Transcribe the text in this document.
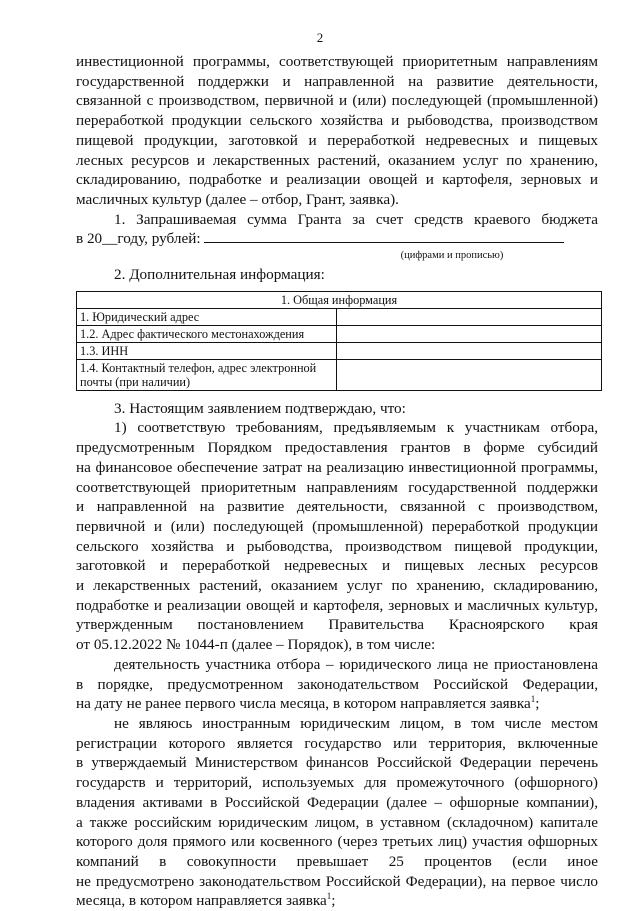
2
инвестиционной программы, соответствующей приоритетным направлениям
государственной поддержки и направленной на развитие деятельности,
связанной с производством, первичной и (или) последующей (промышленной)
переработкой продукции сельского хозяйства и рыбоводства, производством
пищевой продукции, заготовкой и переработкой недревесных и пищевых
лесных ресурсов и лекарственных растений, оказанием услуг по хранению,
складированию, подработке и реализации овощей и картофеля, зерновых и
масличных культур (далее – отбор, Грант, заявка).
1. Запрашиваемая сумма Гранта за счет средств краевого бюджета
в 20__году, рублей:
(цифрами и прописью)
2. Дополнительная информация:
1. Общая информация	
1. Юридический адрес	
1.2. Адрес фактического местонахождения	
1.3. ИНН	
1.4. Контактный телефон, адрес электронной почты (при наличии)	
3. Настоящим заявлением подтверждаю, что:
1) соответствую требованиям, предъявляемым к участникам отбора,
предусмотренным Порядком предоставления грантов в форме субсидий
на финансовое обеспечение затрат на реализацию инвестиционной программы,
соответствующей приоритетным направлениям государственной поддержки
и направленной на развитие деятельности, связанной с производством,
первичной и (или) последующей (промышленной) переработкой продукции
сельского хозяйства и рыбоводства, производством пищевой продукции,
заготовкой и переработкой недревесных и пищевых лесных ресурсов
и лекарственных растений, оказанием услуг по хранению, складированию,
подработке и реализации овощей и картофеля, зерновых и масличных культур,
утвержденным постановлением Правительства Красноярского края
от 05.12.2022 № 1044-п (далее – Порядок), в том числе:
деятельность участника отбора – юридического лица не приостановлена
в порядке, предусмотренном законодательством Российской Федерации,
на дату не ранее первого числа месяца, в котором направляется заявка$^1$;
не являюсь иностранным юридическим лицом, в том числе местом
регистрации которого является государство или территория, включенные
в утверждаемый Министерством финансов Российской Федерации перечень
государств и территорий, используемых для промежуточного (офшорного)
владения активами в Российской Федерации (далее – офшорные компании),
а также российским юридическим лицом, в уставном (складочном) капитале
которого доля прямого или косвенного (через третьих лиц) участия офшорных
компаний в совокупности превышает 25 процентов (если иное
не предусмотрено законодательством Российской Федерации), на первое число
месяца, в котором направляется заявка$^1$;
